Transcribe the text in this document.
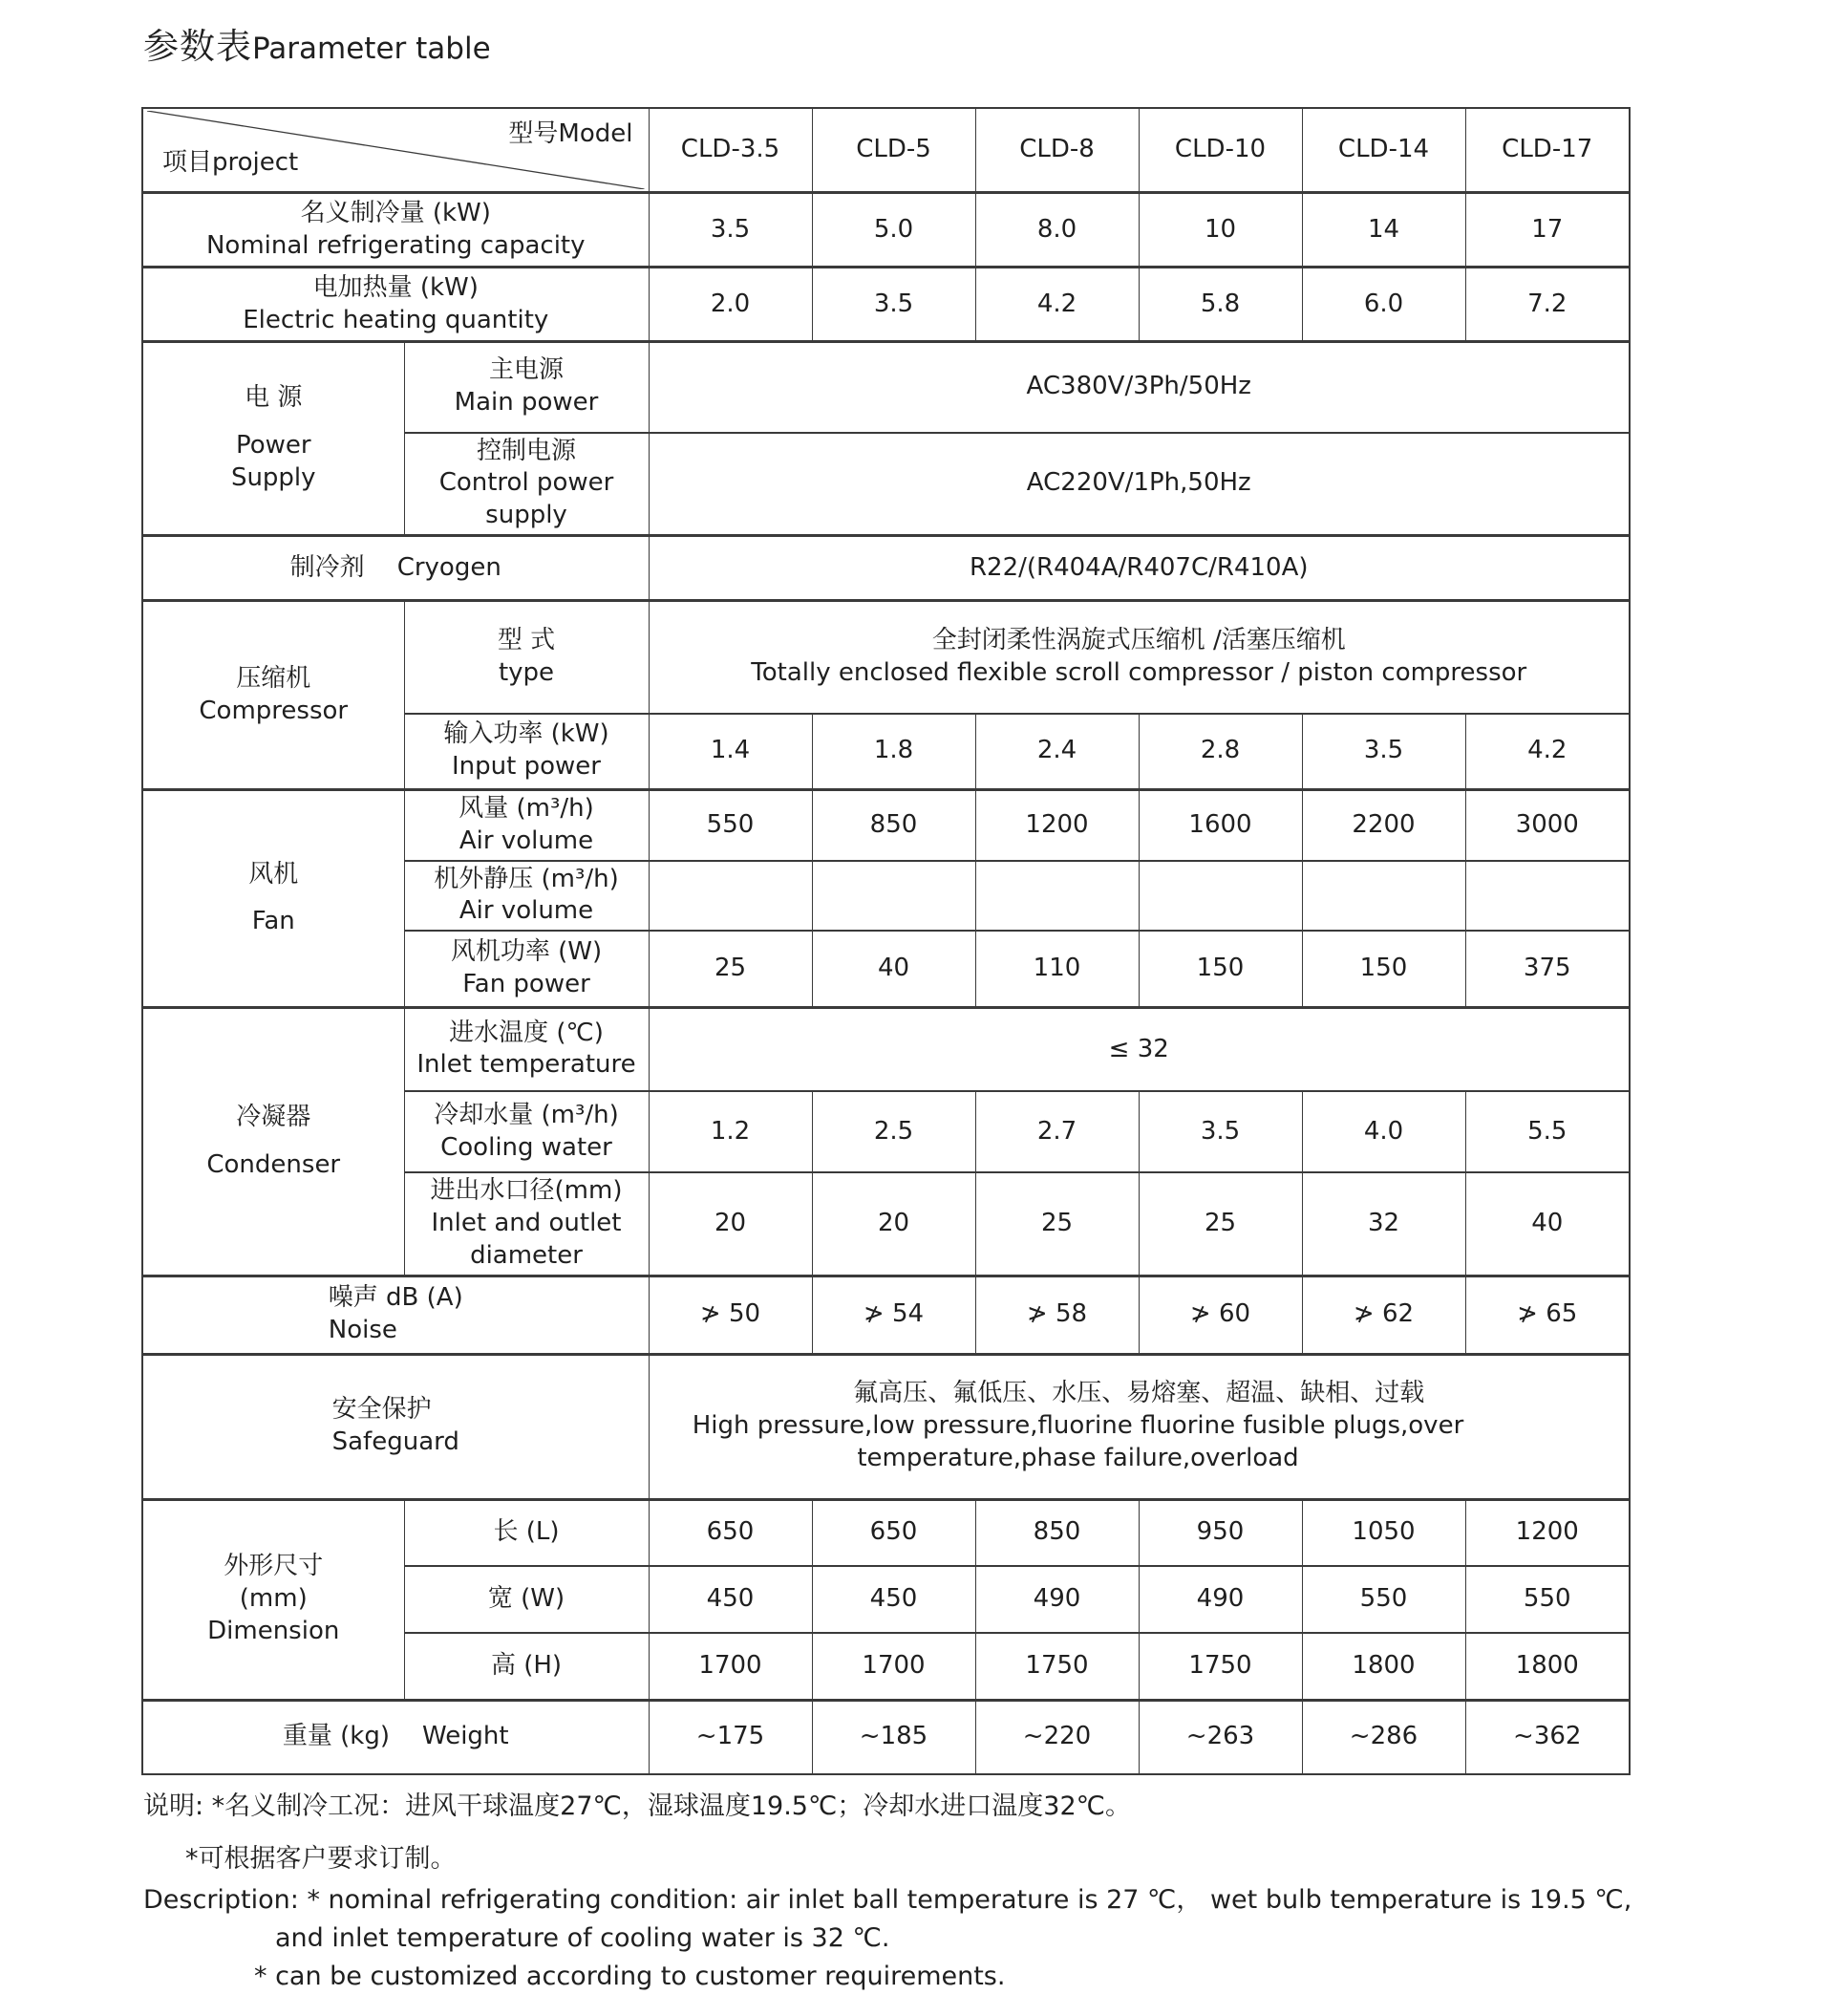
参数表Parameter table
型号Model
项目project		CLD-3.5	CLD-5	CLD-8	CLD-10	CLD-14	CLD-17

名义制冷量 (kW)
Nominal refrigerating capacity		3.5	5.0	8.0	10	14	17

电加热量 (kW)
Electric heating quantity		2.0	3.5	4.2	5.8	6.0	7.2

电 源
Power
Supply	主电源
Main power	AC380V/3Ph/50Hz					

	控制电源
Control power
supply	AC220V/1Ph,50Hz					
制冷剂 Cryogen		R22/(R404A/R407C/R410A)					

压缩机
Compressor	型 式
type	全封闭柔性涡旋式压缩机 /活塞压缩机
Totally enclosed flexible scroll compressor / piston compressor					

	输入功率 (kW)
Input power	1.4	1.8	2.4	2.8	3.5	4.2

风机
Fan	风量 (m³/h)
Air volume	550	850	1200	1600	2200	3000

	机外静压 (m³/h)
Air volume						

	风机功率 (W)
Fan power	25	40	110	150	150	375

冷凝器
Condenser	进水温度 (℃)
Inlet temperature	≤ 32					

	冷却水量 (m³/h)
Cooling water	1.2	2.5	2.7	3.5	4.0	5.5

	进出水口径(mm)
Inlet and outlet
diameter	20	20	25	25	32	40

噪声 dB (A)
Noise		≯ 50	≯ 54	≯ 58	≯ 60	≯ 62	≯ 65

安全保护
Safeguard		氟高压、氟低压、水压、易熔塞、超温、缺相、过载
High pressure,low pressure,fluorine fluorine fusible plugs,over temperature,phase failure,overload					

外形尺寸
(mm)
Dimension	长 (L)	650	650	850	950	1050	1200
	宽 (W)	450	450	490	490	550	550
	高 (H)	1700	1700	1750	1750	1800	1800
重量 (kg) Weight		~175	~185	~220	~263	~286	~362
说明: *名义制冷工况：进风干球温度27℃，湿球温度19.5℃；冷却水进口温度32℃。
*可根据客户要求订制。
Description: * nominal refrigerating condition: air inlet ball temperature is 27 ℃， wet bulb temperature is 19.5 ℃,
and inlet temperature of cooling water is 32 ℃.
* can be customized according to customer requirements.
